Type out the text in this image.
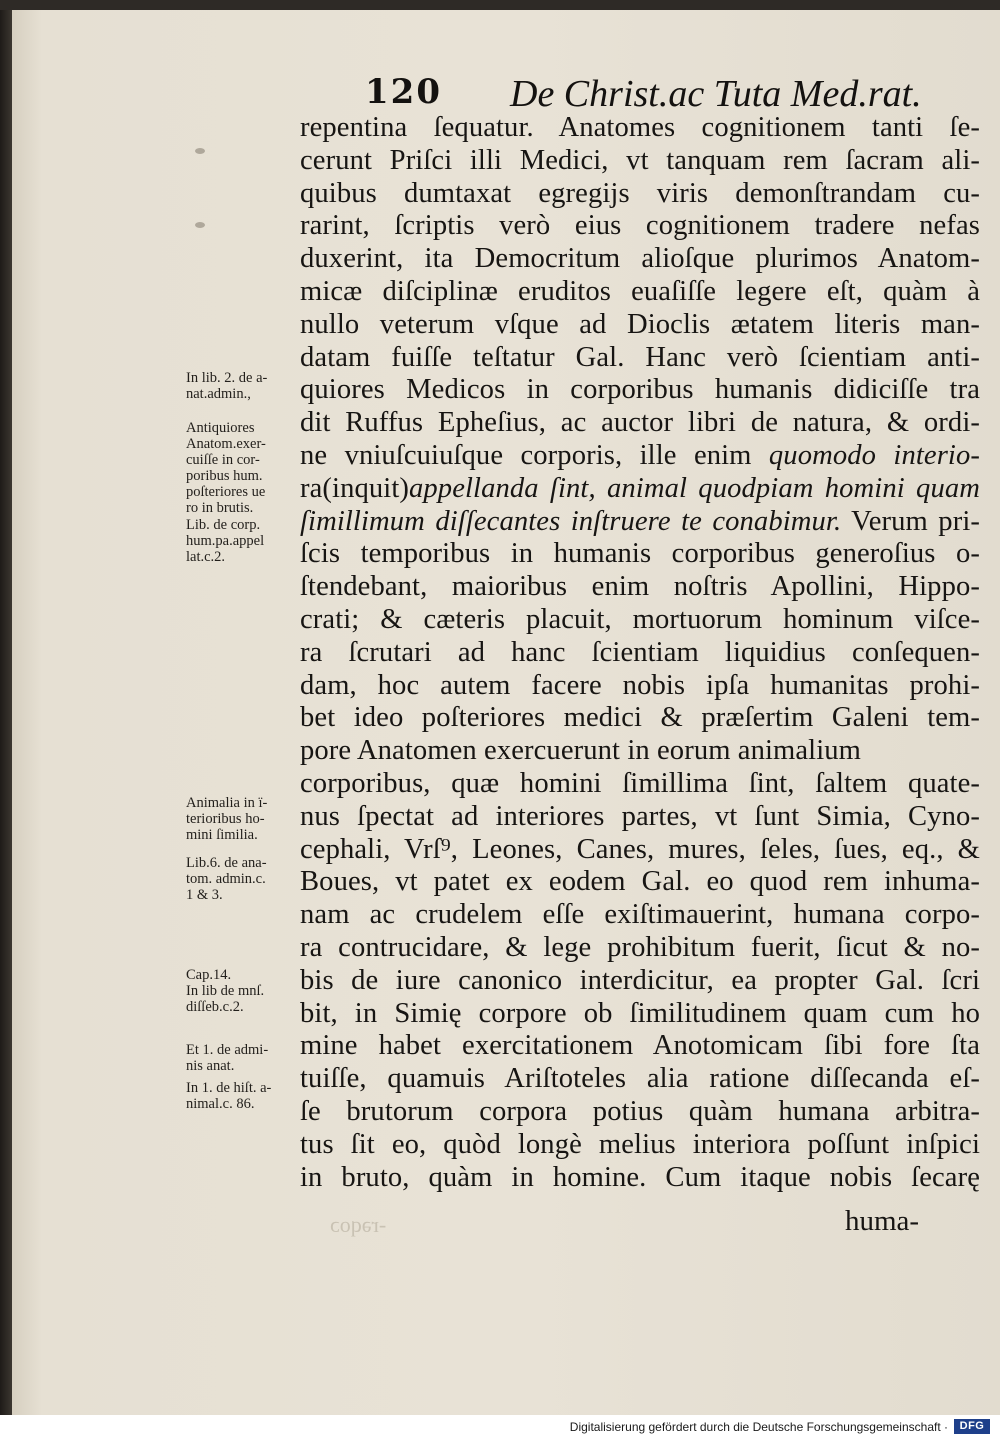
120 De Christ.ac Tuta Med.rat.
In lib. 2. de a-
nat.admin.,
Antiquiores
Anatom.exer-
cuiſſe in cor-
poribus hum.
poſteriores ue
ro in brutis.
Lib. de corp.
hum.pa.appel
lat.c.2.
Animalia in ï-
terioribus ho-
mini ſimilia.
Lib.6. de ana-
tom. admin.c.
1 & 3.
Cap.14.
In lib de mnſ.
diſſeb.c.2.
Et 1. de admi-
nis anat.
In 1. de hiſt. a-
nimal.c. 86.
repentina ſequatur. Anatomes cognitionem tanti ſe-
cerunt Priſci illi Medici, vt tanquam rem ſacram ali-
quibus dumtaxat egregijs viris demonſtrandam cu-
rarint, ſcriptis verò eius cognitionem tradere nefas
duxerint, ita Democritum alioſque plurimos Anatom-
micæ diſciplinæ eruditos euaſiſſe legere eſt, quàm à
nullo veterum vſque ad Dioclis ætatem literis man-
datam fuiſſe teſtatur Gal. Hanc verò ſcientiam anti-
quiores Medicos in corporibus humanis didiciſſe tra
dit Ruffus Epheſius, ac auctor libri de natura, & ordi-
ne vniuſcuiuſque corporis, ille enim quomodo interio-
ra(inquit)appellanda ſint, animal quodpiam homini quam
ſimillimum diſſecantes inſtruere te conabimur. Verum pri-
ſcis temporibus in humanis corporibus generoſius o-
ſtendebant, maioribus enim noſtris Apollini, Hippo-
crati; & cæteris placuit, mortuorum hominum viſce-
ra ſcrutari ad hanc ſcientiam liquidius conſequen-
dam, hoc autem facere nobis ipſa humanitas prohi-
bet ideo poſteriores medici & præſertim Galeni tem-
pore Anatomen exercuerunt in eorum animalium
corporibus, quæ homini ſimillima ſint, ſaltem quate-
nus ſpectat ad interiores partes, vt ſunt Simia, Cyno-
cephali, Vrſ⁹, Leones, Canes, mures, ſeles, ſues, eq., &
Boues, vt patet ex eodem Gal. eo quod rem inhuma-
nam ac crudelem eſſe exiſtimauerint, humana corpo-
ra contrucidare, & lege prohibitum fuerit, ſicut & no-
bis de iure canonico interdicitur, ea propter Gal. ſcri
bit, in Simię corpore ob ſimilitudinem quam cum ho
mine habet exercitationem Anotomicam ſibi fore ſta
tuiſſe, quamuis Ariſtoteles alia ratione diſſecanda eſ-
ſe brutorum corpora potius quàm humana arbitra-
tus ſit eo, quòd longè melius interiora poſſunt inſpici
in bruto, quàm in homine. Cum itaque nobis ſecarę
-rəqoɔ	huma-
Digitalisierung gefördert durch die Deutsche Forschungsgemeinschaft ·	DFG
